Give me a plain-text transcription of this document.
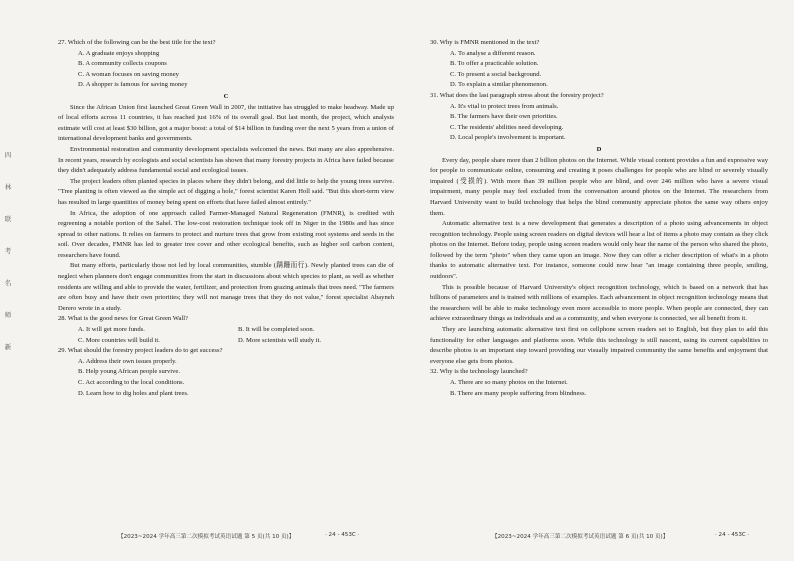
四
林
联
考
名
师
新

27. Which of the following can be the best title for the text?

A. A graduate enjoys shopping

B. A community collects coupons

C. A woman focuses on saving money

D. A shopper is famous for saving money

C

Since the African Union first launched Great Green Wall in 2007, the initiative has struggled to make headway. Made up of local efforts across 11 countries, it has reached just 16% of its overall goal. But last month, the project, which analysts estimate will cost at least $30 billion, got a major boost: a total of $14 billion in funding over the next 5 years from a union of international development banks and governments.

Environmental restoration and community development specialists welcomed the news. But many are also apprehensive. In recent years, research by ecologists and social scientists has shown that many forestry projects in Africa have failed because they didn't adequately address fundamental social and ecological issues.

The project leaders often planted species in places where they didn't belong, and did little to help the young trees survive. "Tree planting is often viewed as the simple act of digging a hole," forest scientist Karen Holl said. "But this short-term view has resulted in large quantities of money being spent on efforts that have failed almost entirely."

In Africa, the adoption of one approach called Farmer-Managed Natural Regeneration (FMNR), is credited with regreening a notable portion of the Sahel. The low-cost restoration technique took off in Niger in the 1980s and has since spread to other nations. It relies on farmers to protect and nurture trees that grow from existing root systems and seeds in the soil. Over decades, FMNR has led to greater tree cover and other ecological benefits, such as higher soil carbon content, researchers have found.

But many efforts, particularly those not led by local communities, stumble (蹒跚而行). Newly planted trees can die of neglect when planners don't engage communities from the start in discussions about which species to plant, as well as whether residents are willing and able to provide the water, fertilizer, and protection from grazing animals that trees need. "The farmers are often busy and have their own priorities; they will not manage trees that they do not value," forest specialist Abayneh Derero wrote in a study.

28. What is the good news for Great Green Wall?

A. It will get more funds.	B. It will be completed soon.
C. More countries will build it.	D. More scientists will study it.

29. What should the forestry project leaders do to get success?

A. Address their own issues properly.

B. Help young African people survive.

C. Act according to the local conditions.

D. Learn how to dig holes and plant trees.

30. Why is FMNR mentioned in the text?

A. To analyse a different reason.

B. To offer a practicable solution.

C. To present a social background.

D. To explain a similar phenomenon.

31. What does the last paragraph stress about the forestry project?

A. It's vital to protect trees from animals.

B. The farmers have their own priorities.

C. The residents' abilities need developing.

D. Local people's involvement is important.

D

Every day, people share more than 2 billion photos on the Internet. While visual content provides a fun and expressive way for people to communicate online, consuming and creating it poses challenges for people who are blind or severely visually impaired (受损的). With more than 39 million people who are blind, and over 246 million who have a severe visual impairment, many people may feel excluded from the conversation around photos on the Internet. The researchers from Harvard University want to build technology that helps the blind community appreciate photos the same way others enjoy them.

Automatic alternative text is a new development that generates a description of a photo using advancements in object recognition technology. People using screen readers on digital devices will hear a list of items a photo may contain as they click photos on the Internet. Before today, people using screen readers would only hear the name of the person who shared the photo, followed by the term "photo" when they came upon an image. Now they can offer a richer description of what's in a photo thanks to automatic alternative text. For instance, someone could now hear "an image containing three people, smiling, outdoors".

This is possible because of Harvard University's object recognition technology, which is based on a network that has billions of parameters and is trained with millions of examples. Each advancement in object recognition technology means that the researchers will be able to make technology even more accessible to more people. When people are connected, they can achieve extraordinary things as individuals and as a community, and when everyone is connected, we all benefit from it.

They are launching automatic alternative text first on cellphone screen readers set to English, but they plan to add this functionality for other languages and platforms soon. While this technology is still nascent, using its current capabilities to describe photos is an important step toward providing our visually impaired community the same benefits and enjoyment that everyone else gets from photos.

32. Why is the technology launched?

A. There are so many photos on the Internet.

B. There are many people suffering from blindness.

【2023~2024 学年高三第二次模拟考试英语试题 第 5 页(共 10 页)】	· 24 - 453C ·	【2023~2024 学年高三第二次模拟考试英语试题 第 6 页(共 10 页)】	· 24 - 453C ·
